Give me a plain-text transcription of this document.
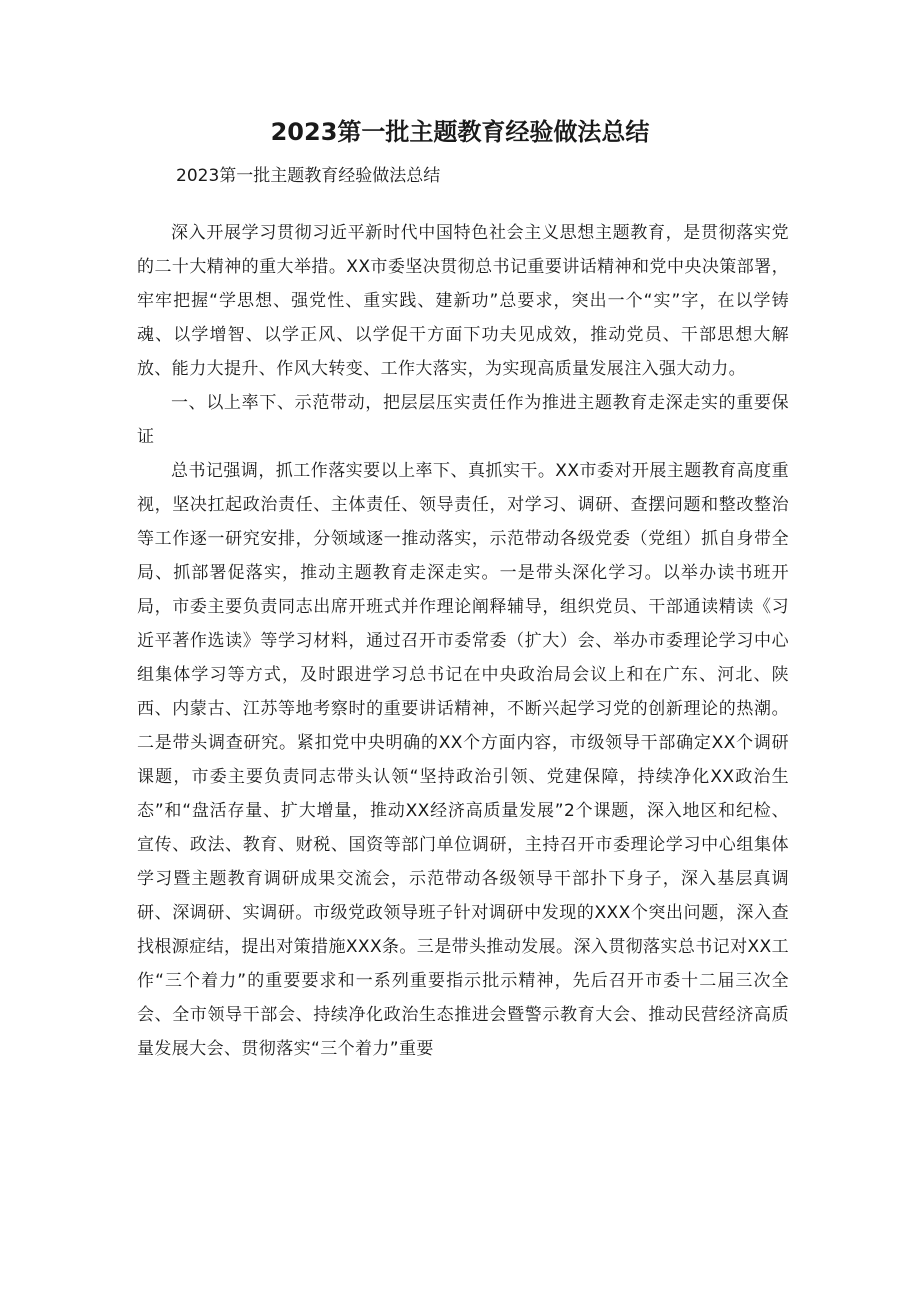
2023第一批主题教育经验做法总结
2023第一批主题教育经验做法总结

深入开展学习贯彻习近平新时代中国特色社会主义思想主题教育，是贯彻落实党的二十大精神的重大举措。XX市委坚决贯彻总书记重要讲话精神和党中央决策部署，牢牢把握“学思想、强党性、重实践、建新功”总要求，突出一个“实”字，在以学铸魂、以学增智、以学正风、以学促干方面下功夫见成效，推动党员、干部思想大解放、能力大提升、作风大转变、工作大落实，为实现高质量发展注入强大动力。

一、以上率下、示范带动，把层层压实责任作为推进主题教育走深走实的重要保证

总书记强调，抓工作落实要以上率下、真抓实干。XX市委对开展主题教育高度重视，坚决扛起政治责任、主体责任、领导责任，对学习、调研、查摆问题和整改整治等工作逐一研究安排，分领域逐一推动落实，示范带动各级党委（党组）抓自身带全局、抓部署促落实，推动主题教育走深走实。一是带头深化学习。以举办读书班开局，市委主要负责同志出席开班式并作理论阐释辅导，组织党员、干部通读精读《习近平著作选读》等学习材料，通过召开市委常委（扩大）会、举办市委理论学习中心组集体学习等方式，及时跟进学习总书记在中央政治局会议上和在广东、河北、陕西、内蒙古、江苏等地考察时的重要讲话精神，不断兴起学习党的创新理论的热潮。二是带头调查研究。紧扣党中央明确的XX个方面内容，市级领导干部确定XX个调研课题，市委主要负责同志带头认领“坚持政治引领、党建保障，持续净化XX政治生态”和“盘活存量、扩大增量，推动XX经济高质量发展”2个课题，深入地区和纪检、宣传、政法、教育、财税、国资等部门单位调研，主持召开市委理论学习中心组集体学习暨主题教育调研成果交流会，示范带动各级领导干部扑下身子，深入基层真调研、深调研、实调研。市级党政领导班子针对调研中发现的XXX个突出问题，深入查找根源症结，提出对策措施XXX条。三是带头推动发展。深入贯彻落实总书记对XX工作“三个着力”的重要要求和一系列重要指示批示精神，先后召开市委十二届三次全会、全市领导干部会、持续净化政治生态推进会暨警示教育大会、推动民营经济高质量发展大会、贯彻落实“三个着力”重要
